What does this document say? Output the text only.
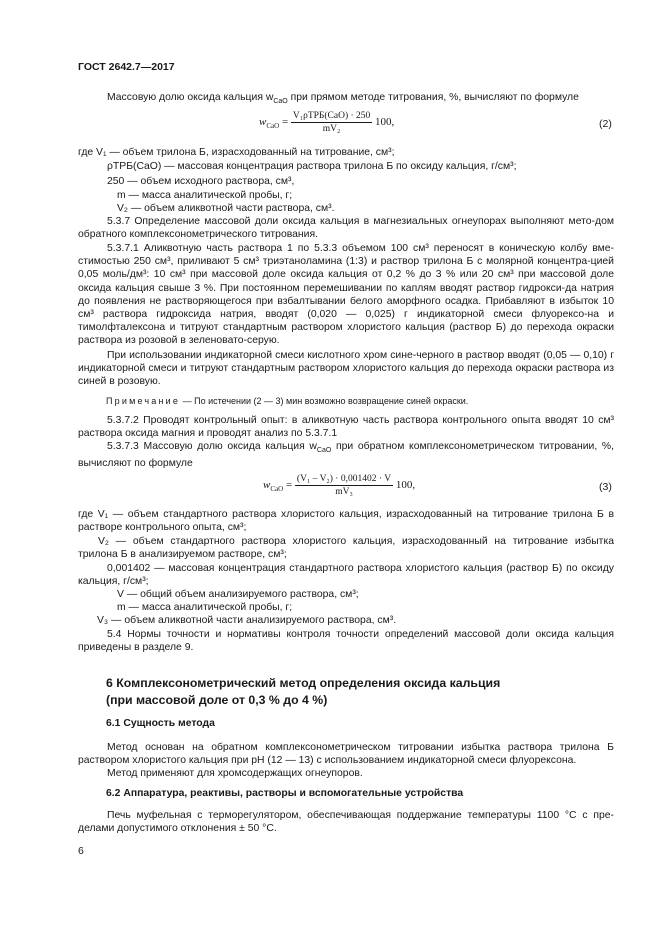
ГОСТ 2642.7—2017
Массовую долю оксида кальция $w_{CaO}$ при прямом методе титрования, %, вычисляют по формуле
$w_{CaO} = \frac{\text{V₁ρТРБ(CaO) · 250}}{\text{mV₂}} 100$,	(2)
где V₁ — объем трилона Б, израсходованный на титрование, см³;
ρТРБ(CaO) — массовая концентрация раствора трилона Б по оксиду кальция, г/см³;
250 — объем исходного раствора, см³,
m — масса аналитической пробы, г;
V₂ — объем аликвотной части раствора, см³.
5.3.7 Определение массовой доли оксида кальция в магнезиальных огнеупорах выполняют мето-дом обратного комплексонометрического титрования.
5.3.7.1 Аликвотную часть раствора 1 по 5.3.3 объемом 100 см³ переносят в коническую колбу вме-стимостью 250 см³, приливают 5 см³ триэтаноламина (1:3) и раствор трилона Б с молярной концентра-цией 0,05 моль/дм³: 10 см³ при массовой доле оксида кальция от 0,2 % до 3 % или 20 см³ при массовой доле оксида кальция свыше 3 %. При постоянном перемешивании по каплям вводят раствор гидрокси-да натрия до появления не растворяющегося при взбалтывании белого аморфного осадка. Прибавляют в избыток 10 см³ раствора гидроксида натрия, вводят (0,020 — 0,025) г индикаторной смеси флуорексо-на и тимолфталексона и титруют стандартным раствором хлористого кальция (раствор Б) до перехода окраски раствора из розовой в зеленовато-серую.
При использовании индикаторной смеси кислотного хром сине-черного в раствор вводят (0,05 — 0,10) г индикаторной смеси и титруют стандартным раствором хлористого кальция до перехода окраски раствора из синей в розовую.
Примечание — По истечении (2 — 3) мин возможно возвращение синей окраски.
5.3.7.2 Проводят контрольный опыт: в аликвотную часть раствора контрольного опыта вводят 10 см³ раствора оксида магния и проводят анализ по 5.3.7.1
5.3.7.3 Массовую долю оксида кальция $w_{CaO}$ при обратном комплексонометрическом титровании, %, вычисляют по формуле
$w_{CaO} = \frac{\text{(V₁ – V₂) · 0,001402 · V}}{\text{mV₃}} 100$,	(3)
где V₁ — объем стандартного раствора хлористого кальция, израсходованный на титрование трилона Б в растворе контрольного опыта, см³;
V₂ — объем стандартного раствора хлористого кальция, израсходованный на титрование избытка трилона Б в анализируемом растворе, см³;
0,001402 — массовая концентрация стандартного раствора хлористого кальция (раствор Б) по оксиду кальция, г/см³;
V — общий объем анализируемого раствора, см³;
m — масса аналитической пробы, г;
V₃ — объем аликвотной части анализируемого раствора, см³.
5.4 Нормы точности и нормативы контроля точности определений массовой доли оксида кальция приведены в разделе 9.
6 Комплексонометрический метод определения оксида кальция
(при массовой доле от 0,3 % до 4 %)
6.1 Сущность метода
Метод основан на обратном комплексонометрическом титровании избытка раствора трилона Б раствором хлористого кальция при pH (12 — 13) с использованием индикаторной смеси флуорексона.
Метод применяют для хромсодержащих огнеупоров.
6.2 Аппаратура, реактивы, растворы и вспомогательные устройства
Печь муфельная с терморегулятором, обеспечивающая поддержание температуры 1100 °С с пре-делами допустимого отклонения ± 50 °С.
6
